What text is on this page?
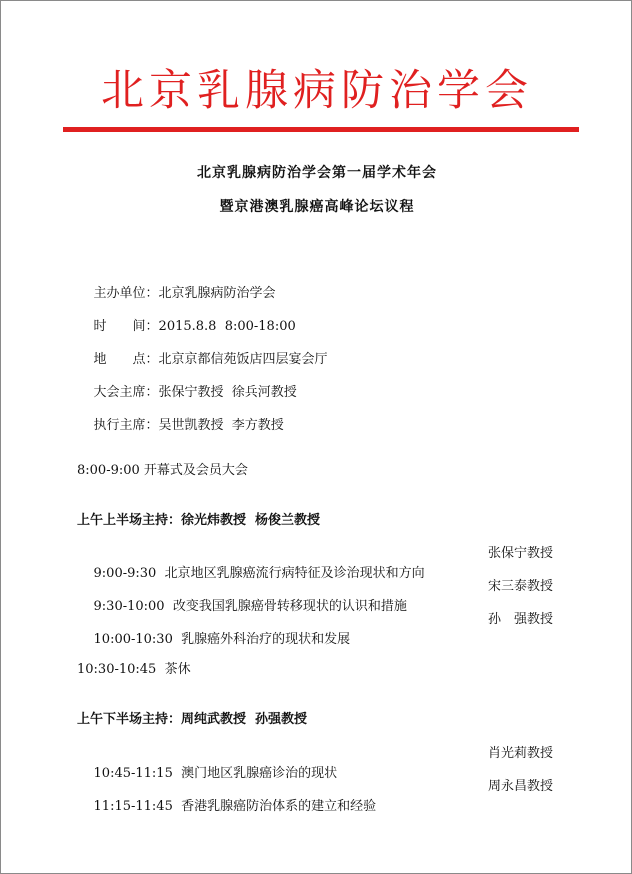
北京乳腺病防治学会
北京乳腺病防治学会第一届学术年会
暨京港澳乳腺癌高峰论坛议程

主办单位：北京乳腺病防治学会

时　　间：2015.8.8  8:00-18:00

地　　点：北京京都信苑饭店四层宴会厅

大会主席：张保宁教授  徐兵河教授

执行主席：吴世凯教授  李方教授

8:00-9:00 开幕式及会员大会
上午上半场主持：徐光炜教授  杨俊兰教授

9:00-9:30 北京地区乳腺癌流行病特征及诊治现状和方向

张保宁教授

9:30-10:00 改变我国乳腺癌骨转移现状的认识和措施

宋三泰教授

10:00-10:30 乳腺癌外科治疗的现状和发展

孙　强教授

10:30-10:45  茶休
上午下半场主持：周纯武教授  孙强教授

10:45-11:15 澳门地区乳腺癌诊治的现状

肖光莉教授

11:15-11:45 香港乳腺癌防治体系的建立和经验

周永昌教授
